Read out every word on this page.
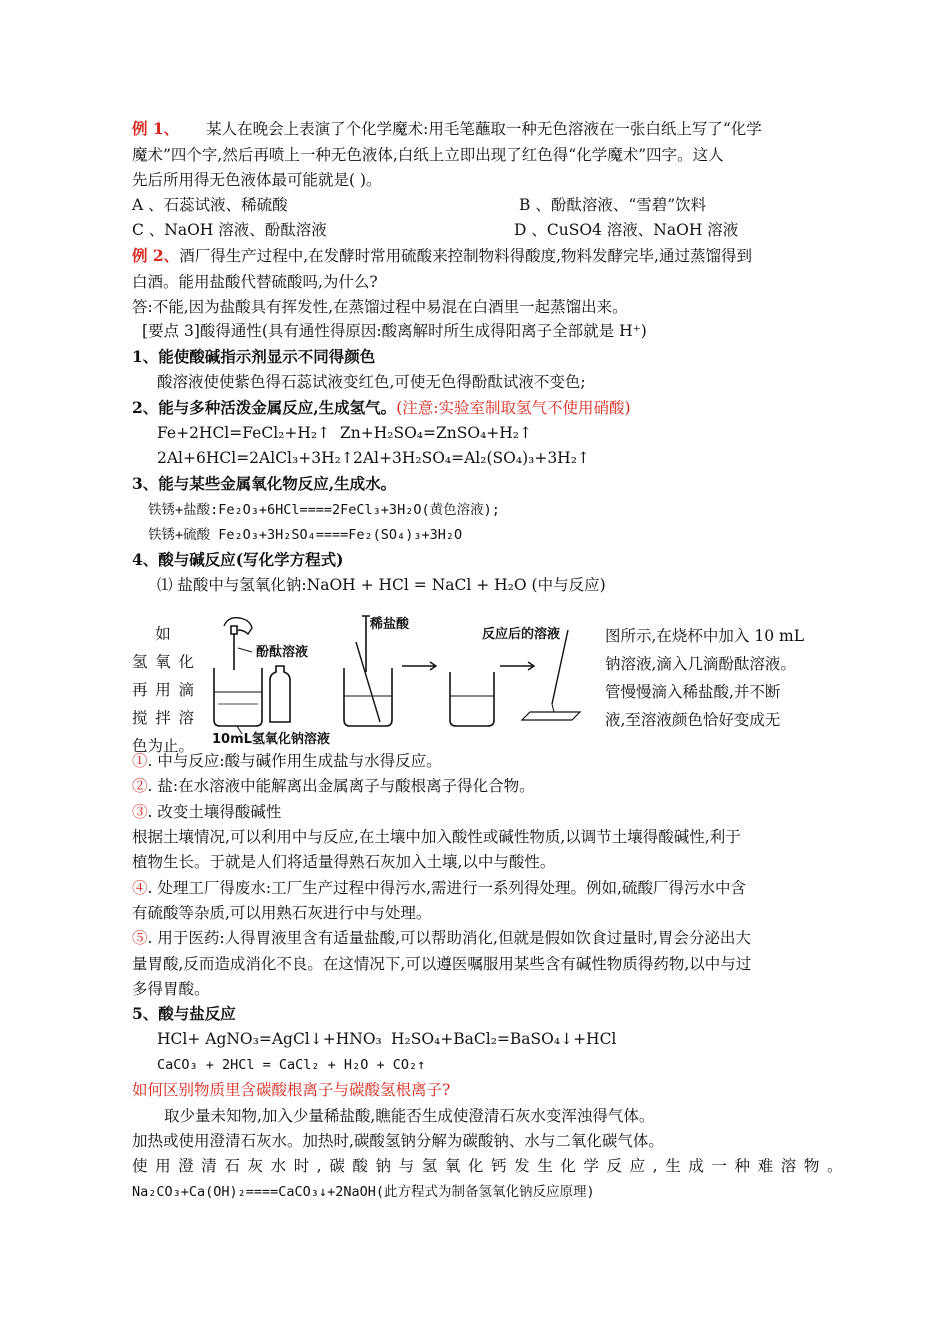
例 1、 某人在晚会上表演了个化学魔术:用毛笔蘸取一种无色溶液在一张白纸上写了“化学
魔术”四个字,然后再喷上一种无色液体,白纸上立即出现了红色得“化学魔术”四字。这人
先后所用得无色液体最可能就是( )。
A 、石蕊试液、稀硫酸	B 、酚酞溶液、“雪碧”饮料
C 、NaOH 溶液、酚酞溶液	D 、CuSO4 溶液、NaOH 溶液
例 2、酒厂得生产过程中,在发酵时常用硫酸来控制物料得酸度,物料发酵完毕,通过蒸馏得到
白酒。能用盐酸代替硫酸吗,为什么?
答:不能,因为盐酸具有挥发性,在蒸馏过程中易混在白酒里一起蒸馏出来。
[要点 3]酸得通性(具有通性得原因:酸离解时所生成得阳离子全部就是 H⁺)
1、能使酸碱指示剂显示不同得颜色
酸溶液使使紫色得石蕊试液变红色,可使无色得酚酞试液不变色;
2、能与多种活泼金属反应,生成氢气。(注意:实验室制取氢气不使用硝酸)
Fe+2HCl=FeCl₂+H₂↑ Zn+H₂SO₄=ZnSO₄+H₂↑
2Al+6HCl=2AlCl₃+3H₂↑ 2Al+3H₂SO₄=Al₂(SO₄)₃+3H₂↑
3、能与某些金属氧化物反应,生成水。
铁锈+盐酸:Fe₂O₃+6HCl====2FeCl₃+3H₂O(黄色溶液);
铁锈+硫酸 Fe₂O₃+3H₂SO₄====Fe₂(SO₄)₃+3H₂O
4、酸与碱反应(写化学方程式)
⑴ 盐酸中与氢氧化钠:NaOH + HCl = NaCl + H₂O (中与反应)
如
氢氧化
再用滴
搅拌溶
色为止。
酚酞溶液
10mL氢氧化钠溶液
稀盐酸
反应后的溶液	图所示,在烧杯中加入 10 mL
钠溶液,滴入几滴酚酞溶液。
管慢慢滴入稀盐酸,并不断
液,至溶液颜色恰好变成无
①. 中与反应:酸与碱作用生成盐与水得反应。
②. 盐:在水溶液中能解离出金属离子与酸根离子得化合物。
③. 改变土壤得酸碱性
根据土壤情况,可以利用中与反应,在土壤中加入酸性或碱性物质,以调节土壤得酸碱性,利于
植物生长。于就是人们将适量得熟石灰加入土壤,以中与酸性。
④. 处理工厂得废水:工厂生产过程中得污水,需进行一系列得处理。例如,硫酸厂得污水中含
有硫酸等杂质,可以用熟石灰进行中与处理。
⑤. 用于医药:人得胃液里含有适量盐酸,可以帮助消化,但就是假如饮食过量时,胃会分泌出大
量胃酸,反而造成消化不良。在这情况下,可以遵医嘱服用某些含有碱性物质得药物,以中与过
多得胃酸。
5、酸与盐反应
HCl+ AgNO₃=AgCl↓+HNO₃ H₂SO₄+BaCl₂=BaSO₄↓+HCl
CaCO₃ + 2HCl = CaCl₂ + H₂O + CO₂↑
如何区别物质里含碳酸根离子与碳酸氢根离子?
取少量未知物,加入少量稀盐酸,瞧能否生成使澄清石灰水变浑浊得气体。
加热或使用澄清石灰水。加热时,碳酸氢钠分解为碳酸钠、水与二氧化碳气体。
使用澄清石灰水时,碳酸钠与氢氧化钙发生化学反应,生成一种难溶物。
Na₂CO₃+Ca(OH)₂====CaCO₃↓+2NaOH(此方程式为制备氢氧化钠反应原理)
